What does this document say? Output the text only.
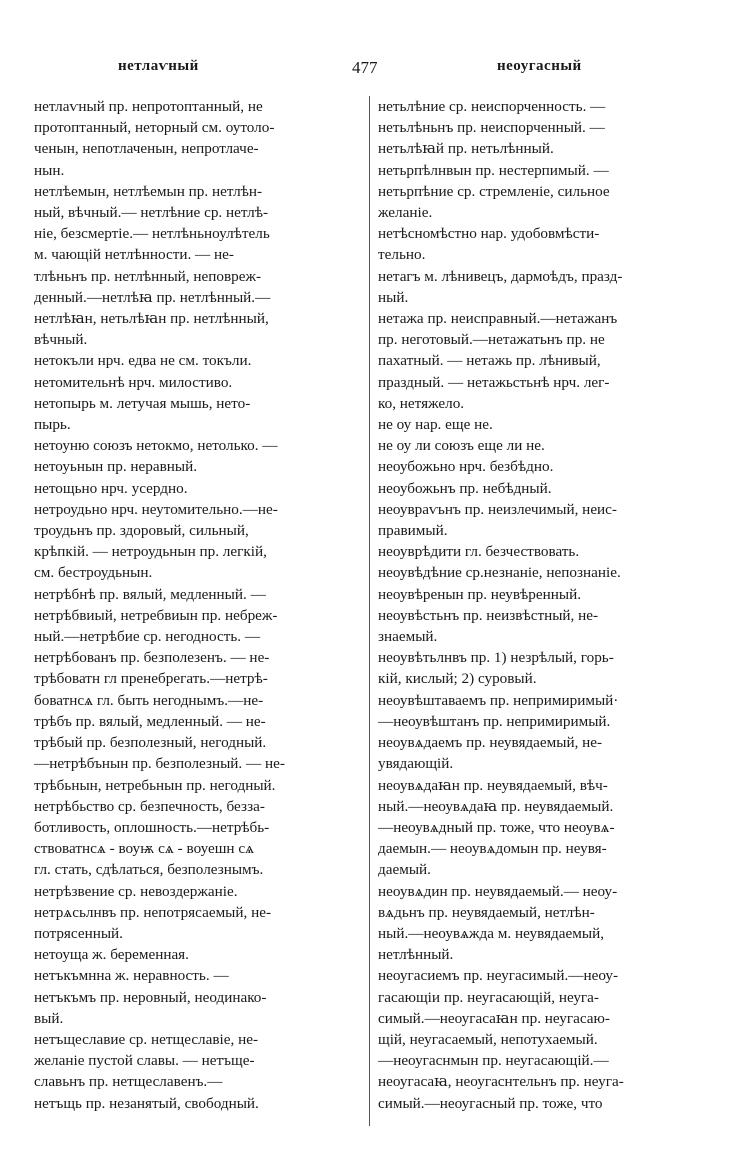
нетлаѵный	477	неоугасный
нетлаѵный пр. непротоптанный, не
протоптанный, неторный см. оутоло-
ченын, непотлаченын, непротлаче-
нын.
нетлѣемын, нетлѣемын пр. нетлѣн-
ный, вѣчный.— нетлѣние ср. нетлѣ-
ніе, безсмертіе.— нетлѣньноулѣтель
м. чающій нетлѣнности. — не-
тлѣньнъ пр. нетлѣнный, неповреж-
денный.—нетлѣꙗ пр. нетлѣнный.—
нетлѣꙗн, нетьлѣꙗн пр. нетлѣнный,
вѣчный.
нетокъли нрч. едва не см. токъли.
нетомительнѣ нрч. милостиво.
нетопырь м. летучая мышь, нето-
пырь.
нетоуню союзъ нетокмо, нетолько. —
нетоуьнын пр. неравный.
нетощьно нрч. усердно.
нетроудьно нрч. неутомительно.—не-
троудьнъ пр. здоровый, сильный,
крѣпкій. — нетроудьнын пр. легкій,
см. бестроудьнын.
нетрѣбнѣ пр. вялый, медленный. —
нетрѣбвиый, нетребвиын пр. небреж-
ный.—нетрѣбие ср. негодность. —
нетрѣбованъ пр. безполезенъ. — не-
трѣбоватн гл пренебрегать.—нетрѣ-
боватнсѧ гл. быть негоднымъ.—не-
трѣбъ пр. вялый, медленный. — не-
трѣбый пр. безполезный, негодный.
—нетрѣбънын пр. безполезный. — не-
трѣбьнын, нетребьнын пр. негодный.
нетрѣбьство ср. безпечность, безза-
ботливость, оплошность.—нетрѣбь-
ствоватнсѧ - воуѭ сѧ - воуешн сѧ
гл. стать, сдѣлаться, безполезнымъ.
нетрѣзвение ср. невоздержаніе.
нетрѧсьлнвъ пр. непотрясаемый, не-
потрясенный.
нетоуща ж. беременная.
нетъкъмнна ж. неравность. —
нетъкъмъ пр. неровный, неодинако-
вый.
нетъщеславие ср. нетщеславіе, не-
желаніе пустой славы. — нетъще-
славьнъ пр. нетщеславенъ.—
нетъщь пр. незанятый, свободный.
нетьлѣние ср. неиспорченность. —
нетьлѣньнъ пр. неиспорченный. —
нетьлѣꙗй пр. нетьлѣнный.
нетьрпѣлнвын пр. нестерпимый. —
нетьрпѣние ср. стремленіе, сильное
желаніе.
нетѣсномѣстно нар. удобовмѣсти-
тельно.
нетагъ м. лѣнивецъ, дармоѣдъ, празд-
ный.
нетажа пр. неисправный.—нетажанъ
пр. неготовый.—нетажатьнъ пр. не
пахатный. — нетажь пр. лѣнивый,
праздный. — нетажьстьнѣ нрч. лег-
ко, нетяжело.
не оу нар. еще не.
не оу ли союзъ еще ли не.
неоубожьно нрч. безбѣдно.
неоубожьнъ пр. небѣдный.
неоувраѵьнъ пр. неизлечимый, неис-
правимый.
неоуврѣдити гл. безчествовать.
неоувѣдѣние ср.незнаніе, непознаніе.
неоувѣренын пр. неувѣренный.
неоувѣстьнъ пр. неизвѣстный, не-
знаемый.
неоувѣтьлнвъ пр. 1) незрѣлый, горь-
кій, кислый; 2) суровый.
неоувѣштаваемъ пр. непримиримый·
—неоувѣштанъ пр. непримиримый.
неоувѧдаемъ пр. неувядаемый, не-
увядающій.
неоувѧдаꙗн пр. неувядаемый, вѣч-
ный.—неоувѧдаꙗ пр. неувядаемый.
—неоувѧдный пр. тоже, что неоувѧ-
даемын.— неоувѧдомын пр. неувя-
даемый.
неоувѧдин пр. неувядаемый.— неоу-
вѧдьнъ пр. неувядаемый, нетлѣн-
ный.—неоувѧжда м. неувядаемый,
нетлѣнный.
неоугасиемъ пр. неугасимый.—неоу-
гасающіи пр. неугасающій, неуга-
симый.—неоугасаꙗн пр. неугасаю-
щій, неугасаемый, непотухаемый.
—неоугаснмын пр. неугасающій.—
неоугасаꙗ, неоугаснтельнъ пр. неуга-
симый.—неоугасный пр. тоже, что
